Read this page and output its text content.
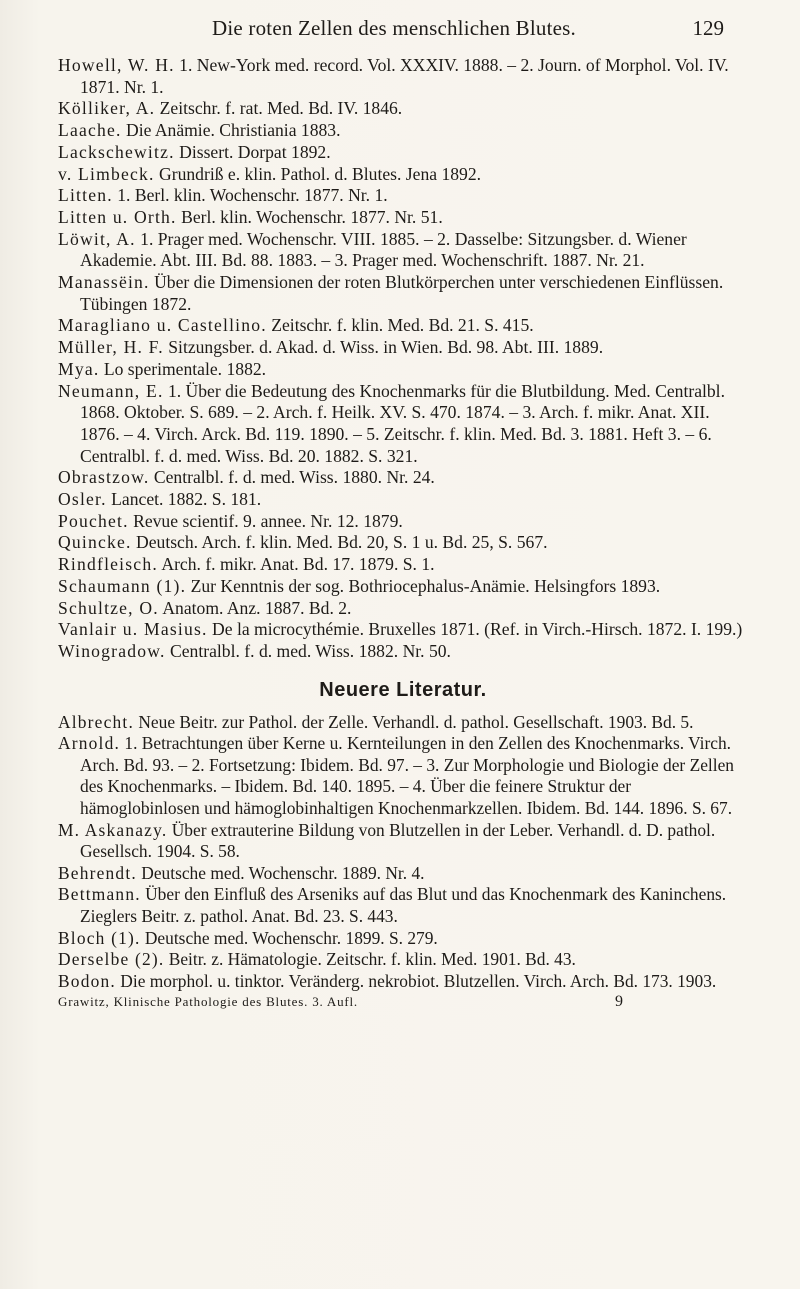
Die roten Zellen des menschlichen Blutes.	129
Howell, W. H. 1. New-York med. record. Vol. XXXIV. 1888. – 2. Journ. of Morphol. Vol. IV. 1871. Nr. 1.
Kölliker, A. Zeitschr. f. rat. Med. Bd. IV. 1846.
Laache. Die Anämie. Christiania 1883.
Lackschewitz. Dissert. Dorpat 1892.
v. Limbeck. Grundriß e. klin. Pathol. d. Blutes. Jena 1892.
Litten. 1. Berl. klin. Wochenschr. 1877. Nr. 1.
Litten u. Orth. Berl. klin. Wochenschr. 1877. Nr. 51.
Löwit, A. 1. Prager med. Wochenschr. VIII. 1885. – 2. Dasselbe: Sitzungsber. d. Wiener Akademie. Abt. III. Bd. 88. 1883. – 3. Prager med. Wochenschrift. 1887. Nr. 21.
Manassëin. Über die Dimensionen der roten Blutkörperchen unter verschiedenen Einflüssen. Tübingen 1872.
Maragliano u. Castellino. Zeitschr. f. klin. Med. Bd. 21. S. 415.
Müller, H. F. Sitzungsber. d. Akad. d. Wiss. in Wien. Bd. 98. Abt. III. 1889.
Mya. Lo sperimentale. 1882.
Neumann, E. 1. Über die Bedeutung des Knochenmarks für die Blutbildung. Med. Centralbl. 1868. Oktober. S. 689. – 2. Arch. f. Heilk. XV. S. 470. 1874. – 3. Arch. f. mikr. Anat. XII. 1876. – 4. Virch. Arck. Bd. 119. 1890. – 5. Zeitschr. f. klin. Med. Bd. 3. 1881. Heft 3. – 6. Centralbl. f. d. med. Wiss. Bd. 20. 1882. S. 321.
Obrastzow. Centralbl. f. d. med. Wiss. 1880. Nr. 24.
Osler. Lancet. 1882. S. 181.
Pouchet. Revue scientif. 9. annee. Nr. 12. 1879.
Quincke. Deutsch. Arch. f. klin. Med. Bd. 20, S. 1 u. Bd. 25, S. 567.
Rindfleisch. Arch. f. mikr. Anat. Bd. 17. 1879. S. 1.
Schaumann (1). Zur Kenntnis der sog. Bothriocephalus-Anämie. Helsingfors 1893.
Schultze, O. Anatom. Anz. 1887. Bd. 2.
Vanlair u. Masius. De la microcythémie. Bruxelles 1871. (Ref. in Virch.-Hirsch. 1872. I. 199.)
Winogradow. Centralbl. f. d. med. Wiss. 1882. Nr. 50.
Neuere Literatur.
Albrecht. Neue Beitr. zur Pathol. der Zelle. Verhandl. d. pathol. Gesellschaft. 1903. Bd. 5.
Arnold. 1. Betrachtungen über Kerne u. Kernteilungen in den Zellen des Knochenmarks. Virch. Arch. Bd. 93. – 2. Fortsetzung: Ibidem. Bd. 97. – 3. Zur Morphologie und Biologie der Zellen des Knochenmarks. – Ibidem. Bd. 140. 1895. – 4. Über die feinere Struktur der hämoglobinlosen und hämoglobinhaltigen Knochenmarkzellen. Ibidem. Bd. 144. 1896. S. 67.
M. Askanazy. Über extrauterine Bildung von Blutzellen in der Leber. Verhandl. d. D. pathol. Gesellsch. 1904. S. 58.
Behrendt. Deutsche med. Wochenschr. 1889. Nr. 4.
Bettmann. Über den Einfluß des Arseniks auf das Blut und das Knochenmark des Kaninchens. Zieglers Beitr. z. pathol. Anat. Bd. 23. S. 443.
Bloch (1). Deutsche med. Wochenschr. 1899. S. 279.
Derselbe (2). Beitr. z. Hämatologie. Zeitschr. f. klin. Med. 1901. Bd. 43.
Bodon. Die morphol. u. tinktor. Veränderg. nekrobiot. Blutzellen. Virch. Arch. Bd. 173. 1903.
Grawitz, Klinische Pathologie des Blutes. 3. Aufl.	9
